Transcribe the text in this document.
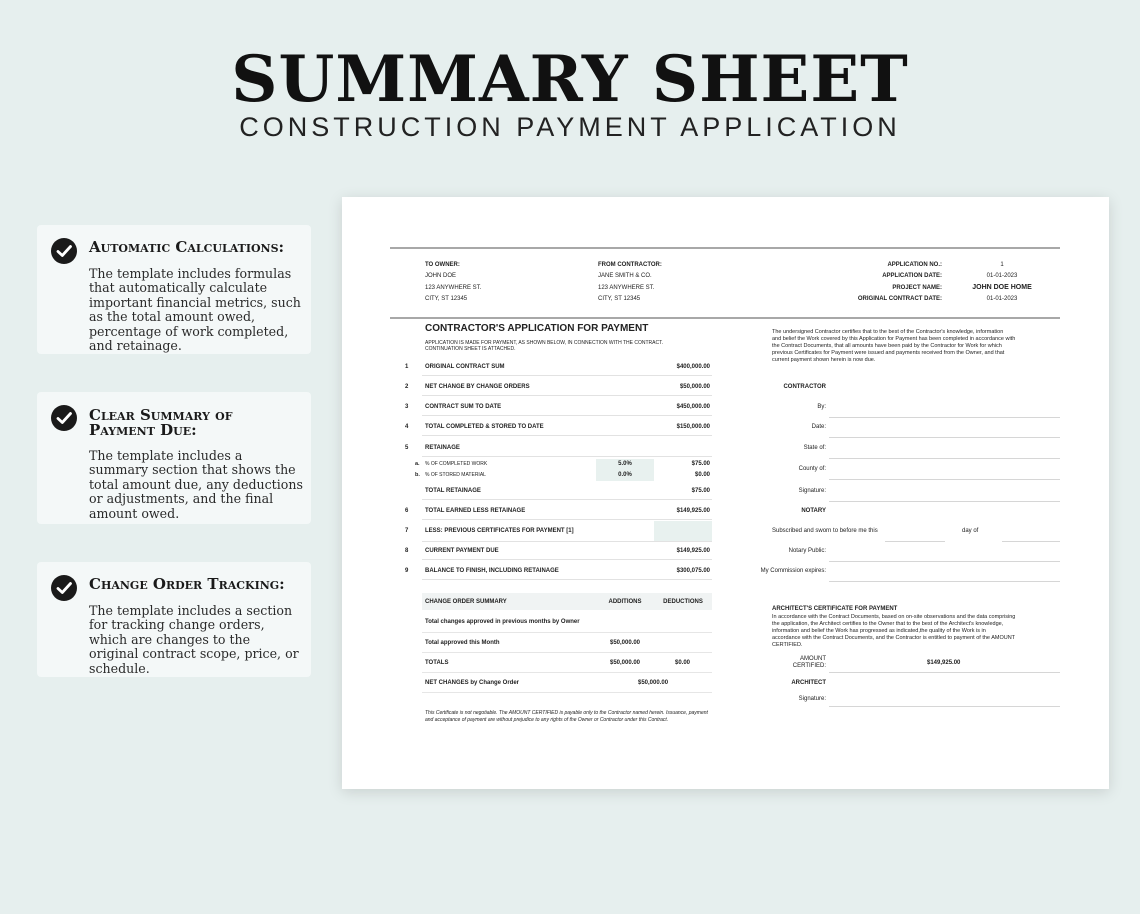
SUMMARY SHEET
CONSTRUCTION PAYMENT APPLICATION
Automatic Calculations:
The template includes formulas that automatically calculate important financial metrics, such as the total amount owed, percentage of work completed, and retainage.
Clear Summary of Payment Due:
The template includes a summary section that shows the total amount due, any deductions or adjustments, and the final amount owed.
Change Order Tracking:
The template includes a section for tracking change orders, which are changes to the original contract scope, price, or schedule.
TO OWNER:
JOHN DOE
123 ANYWHERE ST.
CITY, ST 12345
FROM CONTRACTOR:
JANE SMITH & CO.
123 ANYWHERE ST.
CITY, ST 12345
APPLICATION NO.:	1
APPLICATION DATE:	01-01-2023
PROJECT NAME:	JOHN DOE HOME
ORIGINAL CONTRACT DATE:	01-01-2023
CONTRACTOR'S APPLICATION FOR PAYMENT
APPLICATION IS MADE FOR PAYMENT, AS SHOWN BELOW, IN CONNECTION WITH THE CONTRACT.
CONTINUATION SHEET IS ATTACHED.
1	ORIGINAL CONTRACT SUM	$400,000.00
2	NET CHANGE BY CHANGE ORDERS	$50,000.00
3	CONTRACT SUM TO DATE	$450,000.00
4	TOTAL COMPLETED & STORED TO DATE	$150,000.00
5	RETAINAGE
a. % OF COMPLETED WORK	5.0%	$75.00
b. % OF STORED MATERIAL	0.0%	$0.00
TOTAL RETAINAGE	$75.00
6	TOTAL EARNED LESS RETAINAGE	$149,925.00
7	LESS: PREVIOUS CERTIFICATES FOR PAYMENT [1]
8	CURRENT PAYMENT DUE	$149,925.00
9	BALANCE TO FINISH, INCLUDING RETAINAGE	$300,075.00
CHANGE ORDER SUMMARY	ADDITIONS	DEDUCTIONS
Total changes approved in previous months by Owner
Total approved this Month	$50,000.00
TOTALS	$50,000.00	$0.00
NET CHANGES by Change Order	$50,000.00
This Certificate is not negotiable. The AMOUNT CERTIFIED is payable only to the Contractor named herein. Issuance, payment
and acceptance of payment are without prejudice to any rights of the Owner or Contractor under this Contract.
The undersigned Contractor certifies that to the best of the Contractor's knowledge, information
and belief the Work covered by this Application for Payment has been completed in accordance with
the Contract Documents, that all amounts have been paid by the Contractor for Work for which
previous Certificates for Payment were issued and payments received from the Owner, and that
current payment shown herein is now due.
CONTRACTOR
By:
Date:
State of:
County of:
Signature:
NOTARY
Subscribed and sworn to before me this	day of
Notary Public:
My Commission expires:
ARCHITECT'S CERTIFICATE FOR PAYMENT
In accordance with the Contract Documents, based on on-site observations and the data comprising
the application, the Architect certifies to the Owner that to the best of the Architect's knowledge,
information and belief the Work has progressed as indicated,the quality of the Work is in
accordance with the Contract Documents, and the Contractor is entitled to payment of the AMOUNT
CERTIFIED.
AMOUNT
CERTIFIED:	$149,925.00
ARCHITECT
Signature:
